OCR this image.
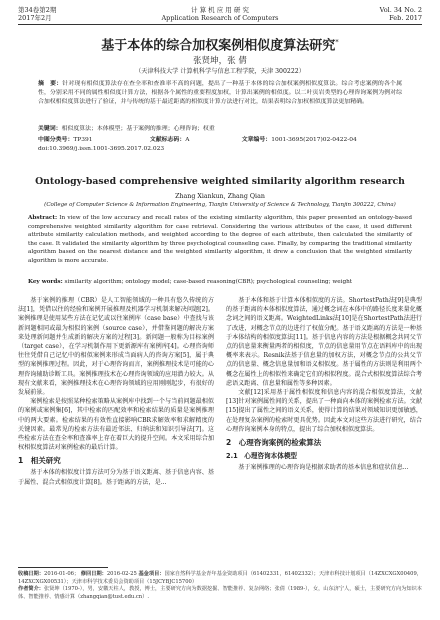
第34卷第2期
2017年2月
计 算 机 应 用 研 究
Application Research of Computers
Vol. 34 No. 2
Feb. 2017
基于本体的综合加权案例相似度算法研究*
张贤坤，张 倩
（天津科技大学 计算机科学与信息工程学院，天津 300222）
摘　要：针对现有相似度算法存在查全率和查准率不高的问题，提出了一种基于本体的综合加权案例相似度算法。综合考虑案例的各个属性，分别采用不同的属性相似度计算方法，根据各个属性的重要程度加权，计算出案例的相似度。以二叶页岩类型的心理咨询案例为例对综合加权相似度算法进行了验证，并与传统的基于最近距离的相似度计算方法进行对比，结果表明综合加权相似度算法更加精确。
关键词：相似度算法；本体模型；基于案例的推理；心理咨询；权重
中图分类号：TP391	文献标志码：A	文章编号：1001-3695(2017)02-0422-04
doi:10.3969/j.issn.1001-3695.2017.02.023
Ontology-based comprehensive weighted similarity algorithm research
Zhang Xiankun, Zhang Qian
(College of Computer Science & Information Engineering, Tianjin University of Science & Technology, Tianjin 300222, China)
Abstract: In view of the low accuracy and recall rates of the existing similarity algorithm, this paper presented an ontology-based comprehensive weighted similarity algorithm for case retrieval. Considering the various attributes of the case, it used different attribute similarity calculation methods, and weighted according to the degree of each attribute, then calculated the similarity of the case. It validated the similarity algorithm by three psychological counseling case. Finally, by comparing the traditional similarity algorithm based on the nearest distance and the weighted similarity algorithm, it drew a conclusion that the weighted similarity algorithm is more accurate.
Key words: similarity algorithm; ontology model; case-based reasoning(CBR); psychological counseling; weight

基于案例的推理（CBR）是人工智能领域的一种具有悠久传统的方法[1]，凭借以往的经验和案例开展推理及机器学习机制来解决问题[2]。案例推理是使用某些方法在记忆或以往案例库（case base）中查找与该新问题相同或最为相似的案例（source case），并借鉴问题的解决方案来处理新问题并生成新的解决方案的过程[3]。新问题一般称为目标案例（target case），在学习机制作用下更新源库有案例库[4]。心理咨询师往往凭借自己记忆中的相似案例来形成当面病人的咨询方案[5]，属于典型的案例推理过程。因此，对于心理咨询而言，案例推理技术是可能的心理咨询辅助诊断工具。案例推理技术在心理咨询领域的应用潜力较大。从现有文献来看，案例推理技术在心理咨询领域的应用刚刚起步，有很好的发展前景。

案例检索是按照某种检索策略从案例库中找到一个与当前问题最相似的案例或案例集[6]，其中检索的匹配效率和检索结果的质量是案例推理中的两大要素。检索结果的有效性直接影响CBR求解效率和求解精度的关键因素。最常见的检索方法有最近邻法、归纳法和知识引导法[7]。这些检索方法在查全率和查准率上存在着巨大的提升空间。本文采用综合加权相似度算法对案例检索的最后计算。

1　相关研究

基于本体的相似度计算方法可分为基于语义距离、基于信息内容、基于属性、混合式相似度计算[8]。基于距离的方法，是...

基于本体和基于计算本体相似度的方法。ShortestPath法[9]是典型的基于距离的本体相似度算法，通过概念词在本体中的路径长度来量化概念词之间的语义距离。WeightedLinks法[10]是在ShortestPath法进行了改进，对概念节点的边进行了权值分配。基于语义距离的方法是一种基于本体结构的相似度算法[11]。基于信息内容的方法是根据概念共同父节点的信息量来衡量两者的相似度，节点的信息量用节点在语料库中的出现概率来表示。Resnik法基于信息量的加权方法，对概念节点的公共父节点的信息量、概念信息量加和语义相似度。基于属性的方法则是利用两个概念在属性上的相似性来确定它们的相似程度。混合式相似度算法综合考虑语义距离、信息量和属性等多种因素。

文献[12]采用基于属性相似度和信息内容的混合相似度算法，文献[13]针对案例属性间的关系，提出了一种面向本体的案例检索方法。文献[15]提出了属性之间的语义关系，使得计算的结果对领域知识更加敏感，在处理复杂案例的检索时更具优势。因此本文对这些方法进行研究，结合心理咨询案例本身的特点，提出了综合加权相似度算法。

2　心理咨询案例的检索算法
2.1　心理咨询本体模型

基于案例推理的心理咨询是根据求助者的基本信息和症状信息...

收稿日期：2016-01-06； 修回日期：2016-02-25 基金项目：国家自然科学基金青年基金资助项目（61402331，61402332）；天津市科技计划项目（14ZXCXGX00409，14ZXCXGX00531）；天津市科学技术委员会资助项目（15JCYBJC15700）
作者简介：张贤坤（1970-），男，安徽天柱人，教授，博士，主要研究方向为数据挖掘、智能推荐、复杂网络；张倩（1989-），女，山东济宁人，硕士，主要研究方向为知识本体、智能推荐、情感计算（zhangqian@tust.edu.cn）.
